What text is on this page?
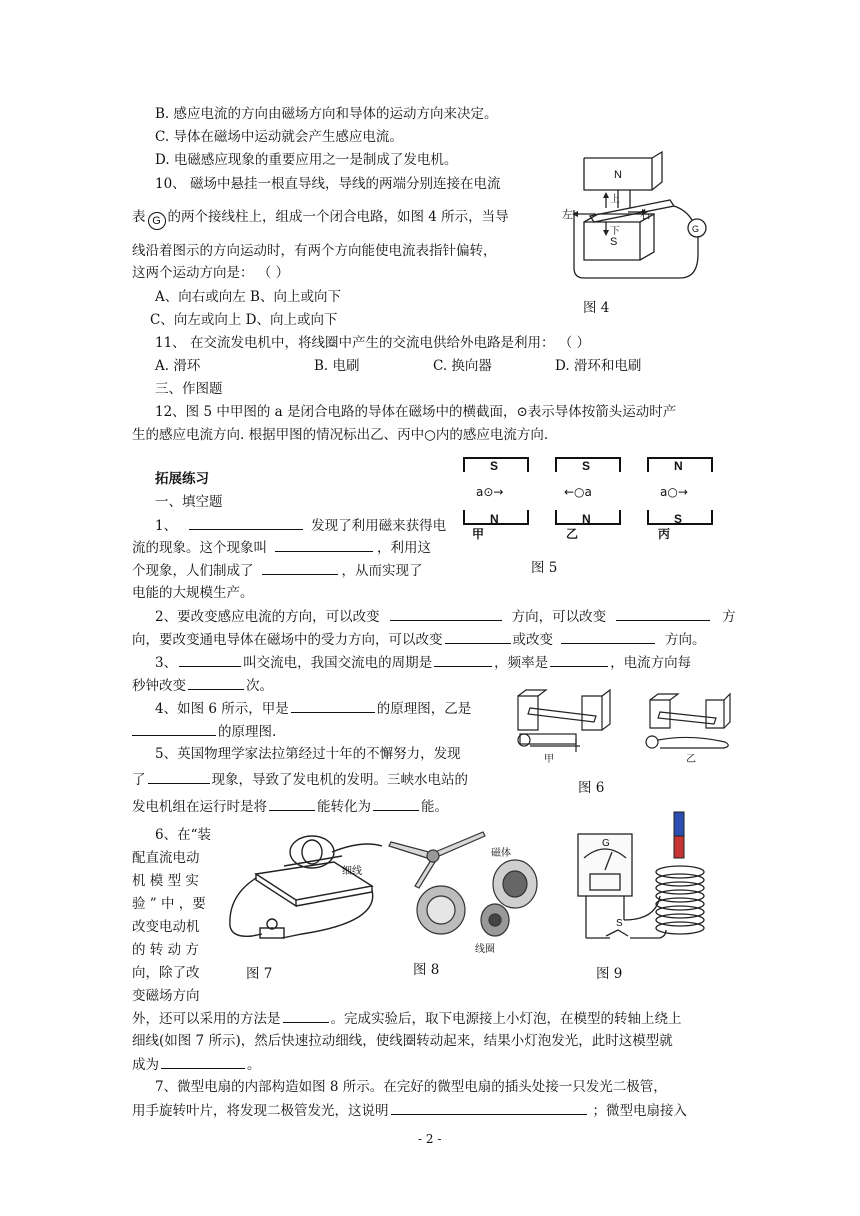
B. 感应电流的方向由磁场方向和导体的运动方向来决定。
C. 导体在磁场中运动就会产生感应电流。
D. 电磁感应现象的重要应用之一是制成了发电机。
10、 磁场中悬挂一根直导线，导线的两端分别连接在电流
表 G 的两个接线柱上，组成一个闭合电路，如图 4 所示，当导
线沿着图示的方向运动时，有两个方向能使电流表指针偏转，
这两个运动方向是： （ ）
A、向右或向左 B、向上或向下
C、向左或向上 D、向上或向下
11、 在交流发电机中，将线圈中产生的交流电供给外电路是利用： （ ）
A. 滑环	B. 电刷	C. 换向器	D. 滑环和电刷
三、作图题
12、图 5 中甲图的 a 是闭合电路的导体在磁场中的横截面，⊙表示导体按箭头运动时产
生的感应电流方向. 根据甲图的情况标出乙、丙中○内的感应电流方向.
拓展练习
一、填空题
1、	发现了利用磁来获得电
流的现象。这个现象叫	，利用这
个现象，人们制成了	，从而实现了
电能的大规模生产。
2、要改变感应电流的方向，可以改变	方向，可以改变	方
向，要改变通电导体在磁场中的受力方向，可以改变	或改变	方向。
3、	叫交流电，我国交流电的周期是	，频率是	，电流方向每
秒钟改变	次。
4、如图 6 所示，甲是	的原理图，乙是
的原理图.
5、英国物理学家法拉第经过十年的不懈努力，发现
了	现象，导致了发电机的发明。三峡水电站的
发电机组在运行时是将	能转化为	能。
6、在“装
配直流电动
机 模 型 实
验 ” 中 ，要
改变电动机
的 转 动 方
向，除了改
变磁场方向
外，还可以采用的方法是	。完成实验后，取下电源接上小灯泡，在模型的转轴上绕上
细线(如图 7 所示)，然后快速拉动细线，使线圈转动起来，结果小灯泡发光，此时这模型就
成为	。
7、微型电扇的内部构造如图 8 所示。在完好的微型电扇的插头处接一只发光二极管，
用手旋转叶片，将发现二极管发光，这说明	；微型电扇接入
- 2 -
N
S
G
左	右
上
下
图 4
S
N
S
N
N
S
a⊙→	←○a	a○→
甲	乙	丙
图 5
甲	乙
图 6
细线
图 7
磁体
线圈
图 8
G
S
图 9
